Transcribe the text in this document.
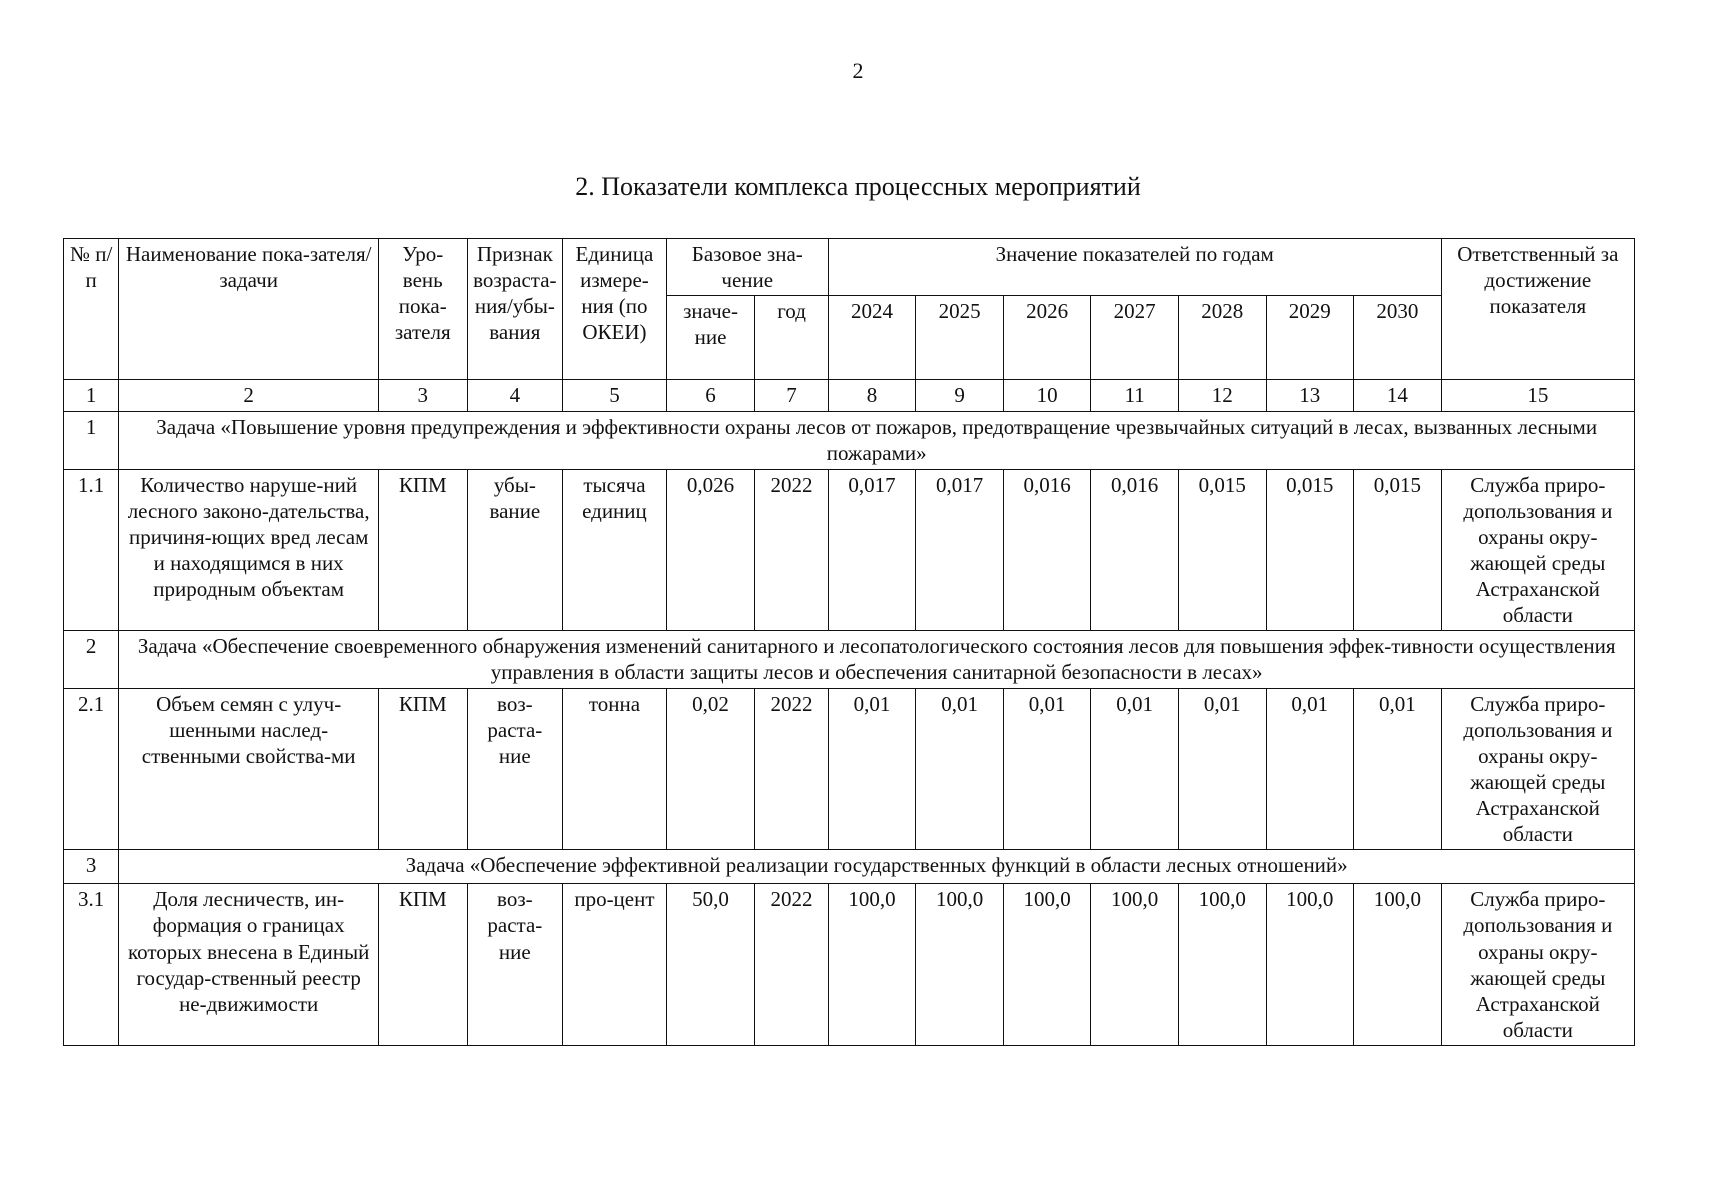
2
2. Показатели комплекса процессных мероприятий
№ п/п	Наименование пока-зателя/задачи	Уро-вень пока-зателя	Признак возраста-ния/убы-вания	Единица измере-ния (по ОКЕИ)	Базовое зна-чение		Значение показателей по годам							Ответственный за достижение показателя
					значе-ние	год	2024	2025	2026	2027	2028	2029	2030	
1	2	3	4	5	6	7	8	9	10	11	12	13	14	15
1	Задача «Повышение уровня предупреждения и эффективности охраны лесов от пожаров, предотвращение чрезвычайных ситуаций в лесах, вызванных лесными пожарами»													
1.1	Количество наруше-ний лесного законо-дательства, причиня-ющих вред лесам и находящимся в них природным объектам	КПМ	убы-вание	тысяча единиц	0,026	2022	0,017	0,017	0,016	0,016	0,015	0,015	0,015	Служба приро-допользования и охраны окру-жающей среды Астраханской области
2	Задача «Обеспечение своевременного обнаружения изменений санитарного и лесопатологического состояния лесов для повышения эффек-тивности осуществления управления в области защиты лесов и обеспечения санитарной безопасности в лесах»													
2.1	Объем семян с улуч-шенными наслед-ственными свойства-ми	КПМ	воз-раста-ние	тонна	0,02	2022	0,01	0,01	0,01	0,01	0,01	0,01	0,01	Служба приро-допользования и охраны окру-жающей среды Астраханской области
3	Задача «Обеспечение эффективной реализации государственных функций в области лесных отношений»													
3.1	Доля лесничеств, ин-формация о границах которых внесена в Единый государ-ственный реестр не-движимости	КПМ	воз-раста-ние	про-цент	50,0	2022	100,0	100,0	100,0	100,0	100,0	100,0	100,0	Служба приро-допользования и охраны окру-жающей среды Астраханской области
